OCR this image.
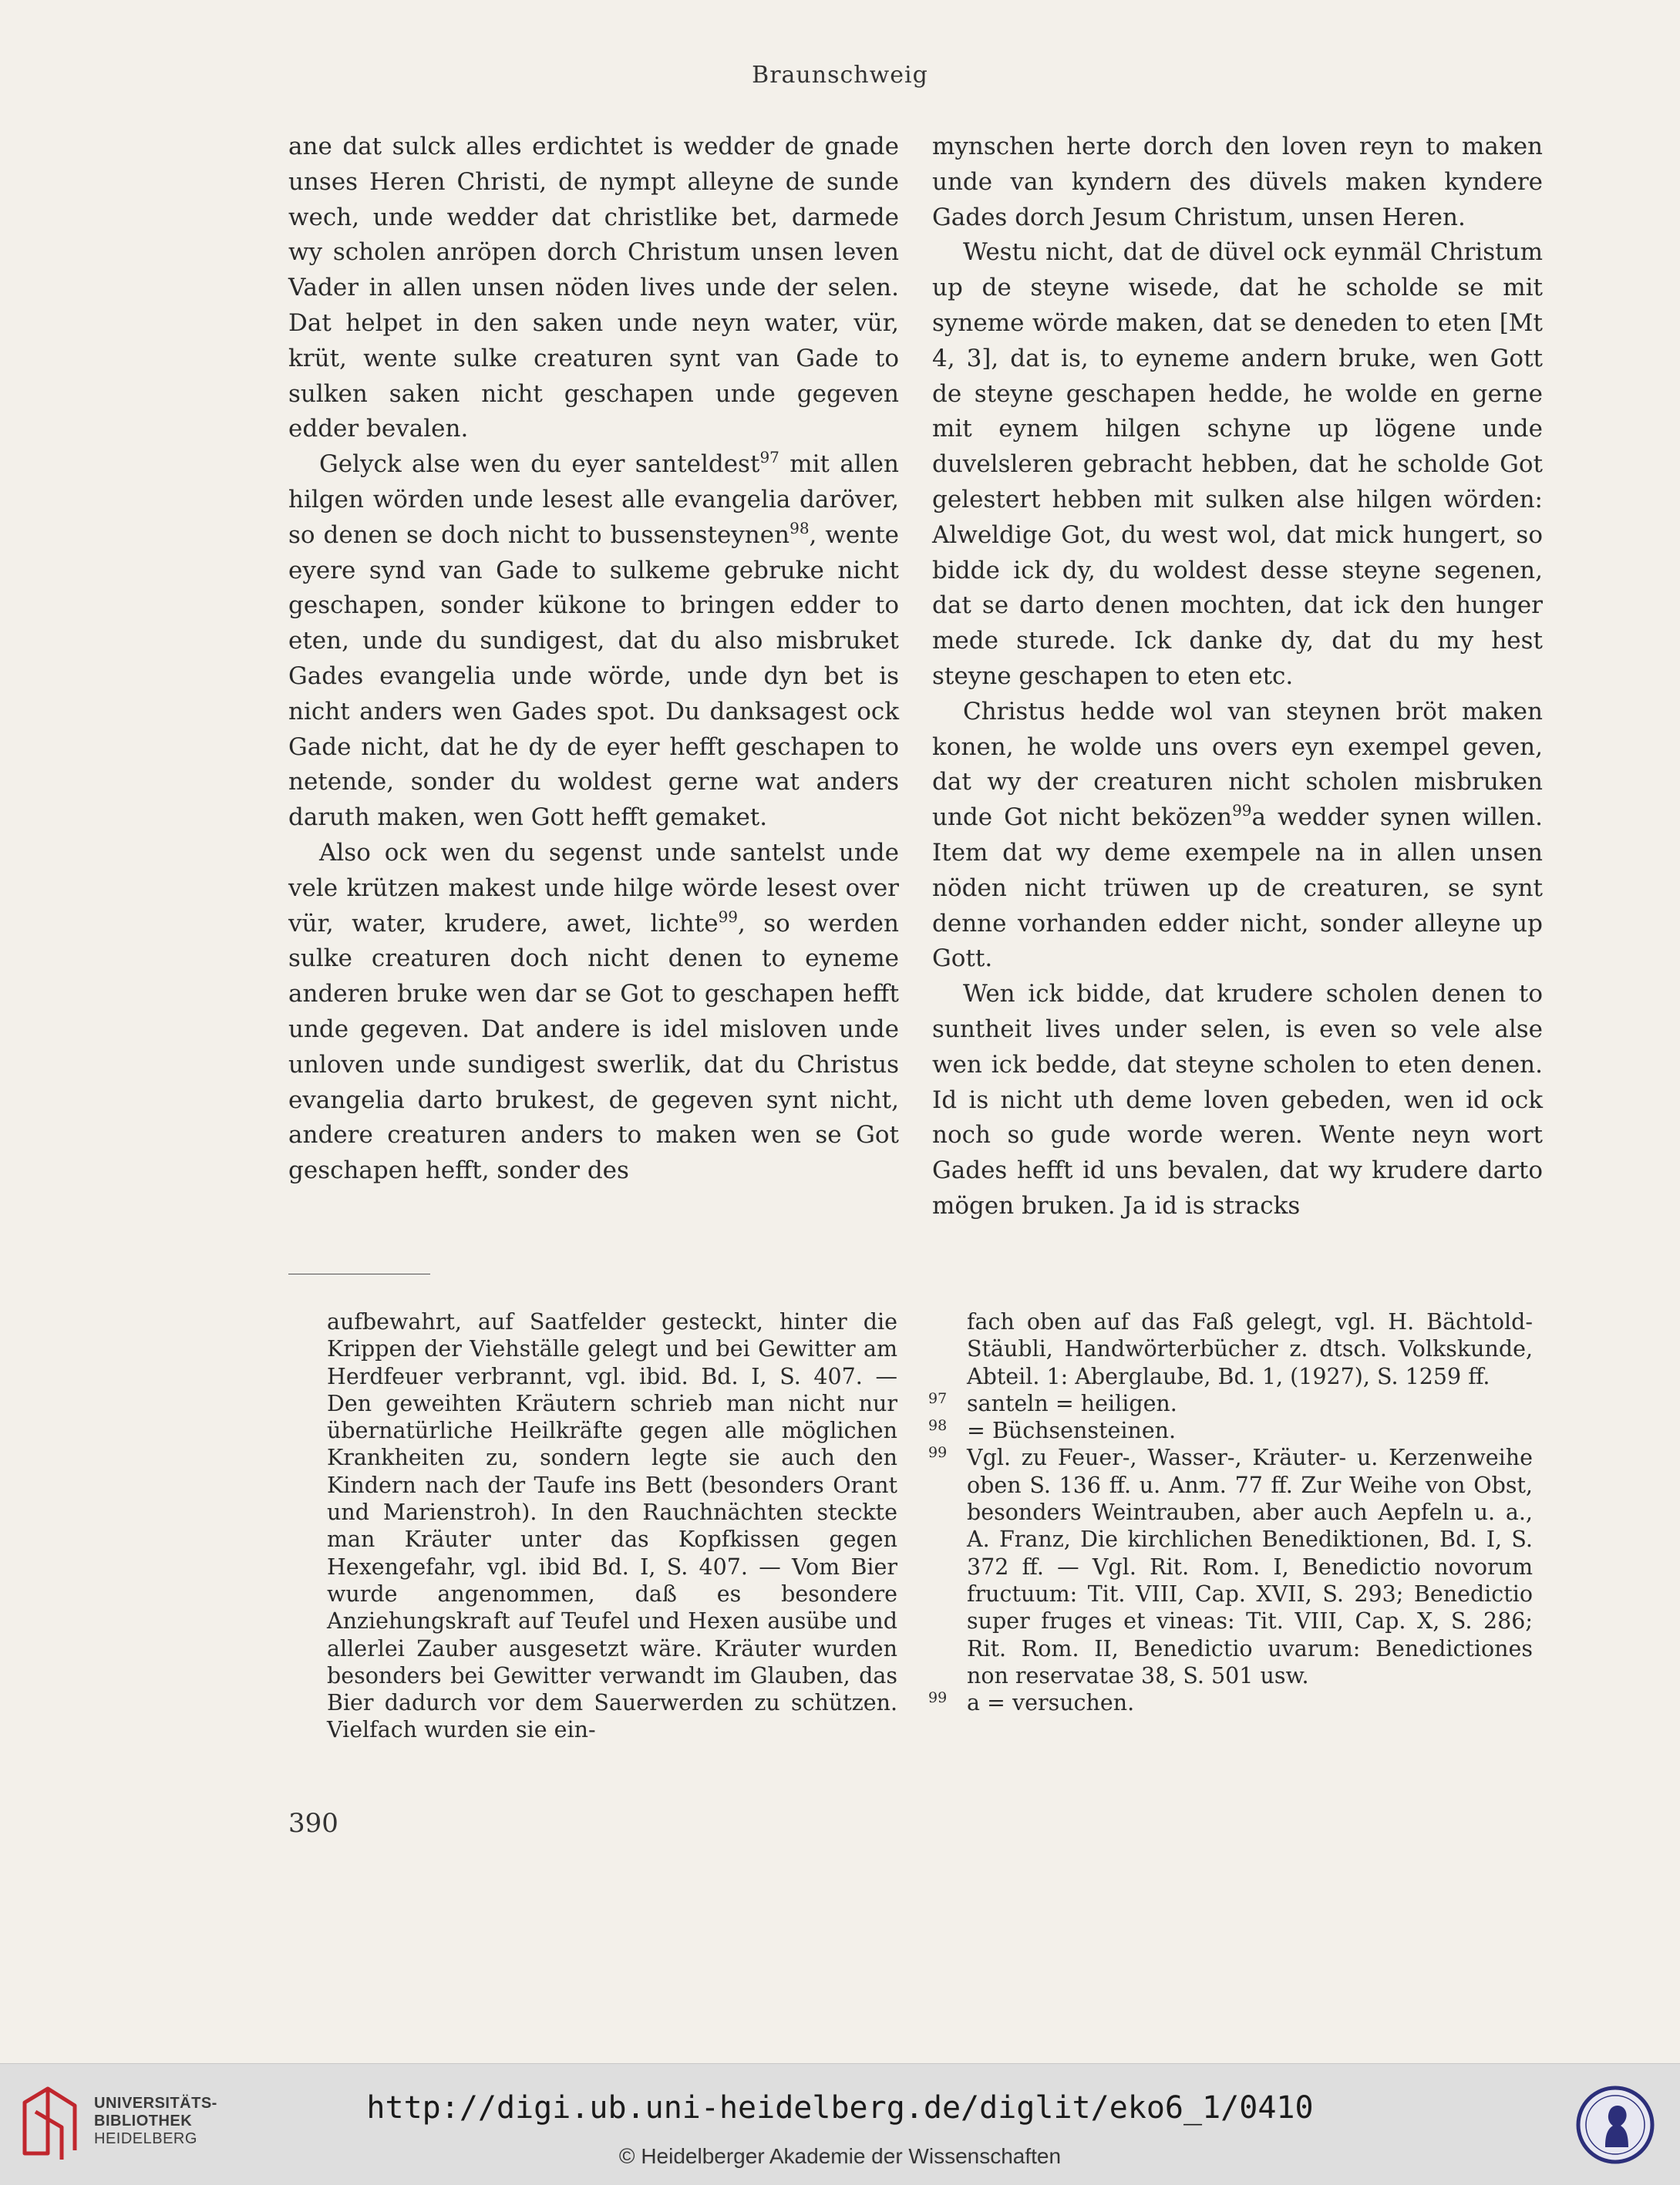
Braunschweig

ane dat sulck alles erdichtet is wedder de gnade unses Heren Christi, de nympt alleyne de sunde wech, unde wedder dat christlike bet, darmede wy scholen anröpen dorch Christum unsen leven Vader in allen unsen nöden lives unde der selen. Dat helpet in den saken unde neyn water, vür, krüt, wente sulke creaturen synt van Gade to sulken saken nicht geschapen unde gegeven edder bevalen.

Gelyck alse wen du eyer santeldest$^{97}$ mit allen hilgen wörden unde lesest alle evangelia daröver, so denen se doch nicht to bussensteynen$^{98}$, wente eyere synd van Gade to sulkeme gebruke nicht geschapen, sonder kükone to bringen edder to eten, unde du sundigest, dat du also misbruket Gades evangelia unde wörde, unde dyn bet is nicht anders wen Gades spot. Du danksagest ock Gade nicht, dat he dy de eyer hefft geschapen to netende, sonder du woldest gerne wat anders daruth maken, wen Gott hefft gemaket.

Also ock wen du segenst unde santelst unde vele krützen makest unde hilge wörde lesest over vür, water, krudere, awet, lichte$^{99}$, so werden sulke creaturen doch nicht denen to eyneme anderen bruke wen dar se Got to geschapen hefft unde gegeven. Dat andere is idel misloven unde unloven unde sundigest swerlik, dat du Christus evangelia darto brukest, de gegeven synt nicht, andere creaturen anders to maken wen se Got geschapen hefft, sonder des

mynschen herte dorch den loven reyn to maken unde van kyndern des düvels maken kyndere Gades dorch Jesum Christum, unsen Heren.

Westu nicht, dat de düvel ock eynmäl Christum up de steyne wisede, dat he scholde se mit syneme wörde maken, dat se deneden to eten [Mt 4, 3], dat is, to eyneme andern bruke, wen Gott de steyne geschapen hedde, he wolde en gerne mit eynem hilgen schyne up lögene unde duvelsleren gebracht hebben, dat he scholde Got gelestert hebben mit sulken alse hilgen wörden: Alweldige Got, du west wol, dat mick hungert, so bidde ick dy, du woldest desse steyne segenen, dat se darto denen mochten, dat ick den hunger mede sturede. Ick danke dy, dat du my hest steyne geschapen to eten etc.

Christus hedde wol van steynen bröt maken konen, he wolde uns overs eyn exempel geven, dat wy der creaturen nicht scholen misbruken unde Got nicht beközen$^{99}$a wedder synen willen. Item dat wy deme exempele na in allen unsen nöden nicht trüwen up de creaturen, se synt denne vorhanden edder nicht, sonder alleyne up Gott.

Wen ick bidde, dat krudere scholen denen to suntheit lives under selen, is even so vele alse wen ick bedde, dat steyne scholen to eten denen. Id is nicht uth deme loven gebeden, wen id ock noch so gude worde weren. Wente neyn wort Gades hefft id uns bevalen, dat wy krudere darto mögen bruken. Ja id is stracks

aufbewahrt, auf Saatfelder gesteckt, hinter die Krippen der Viehställe gelegt und bei Gewitter am Herdfeuer verbrannt, vgl. ibid. Bd. I, S. 407. — Den geweihten Kräutern schrieb man nicht nur übernatürliche Heilkräfte gegen alle möglichen Krankheiten zu, sondern legte sie auch den Kindern nach der Taufe ins Bett (besonders Orant und Marienstroh). In den Rauchnächten steckte man Kräuter unter das Kopfkissen gegen Hexengefahr, vgl. ibid Bd. I, S. 407. — Vom Bier wurde angenommen, daß es besondere Anziehungskraft auf Teufel und Hexen ausübe und allerlei Zauber ausgesetzt wäre. Kräuter wurden besonders bei Gewitter verwandt im Glauben, das Bier dadurch vor dem Sauerwerden zu schützen. Vielfach wurden sie ein-

fach oben auf das Faß gelegt, vgl. H. Bächtold-Stäubli, Handwörterbücher z. dtsch. Volkskunde, Abteil. 1: Aberglaube, Bd. 1, (1927), S. 1259 ff.

97 santeln = heiligen.

98 = Büchsensteinen.

99 Vgl. zu Feuer-, Wasser-, Kräuter- u. Kerzenweihe oben S. 136 ff. u. Anm. 77 ff. Zur Weihe von Obst, besonders Weintrauben, aber auch Aepfeln u. a., A. Franz, Die kirchlichen Benediktionen, Bd. I, S. 372 ff. — Vgl. Rit. Rom. I, Benedictio novorum fructuum: Tit. VIII, Cap. XVII, S. 293; Benedictio super fruges et vineas: Tit. VIII, Cap. X, S. 286; Rit. Rom. II, Benedictio uvarum: Benedictiones non reservatae 38, S. 501 usw.

99 a = versuchen.

390
UNIVERSITÄTS-
BIBLIOTHEK
HEIDELBERG
http://digi.ub.uni-heidelberg.de/diglit/eko6_1/0410
© Heidelberger Akademie der Wissenschaften
